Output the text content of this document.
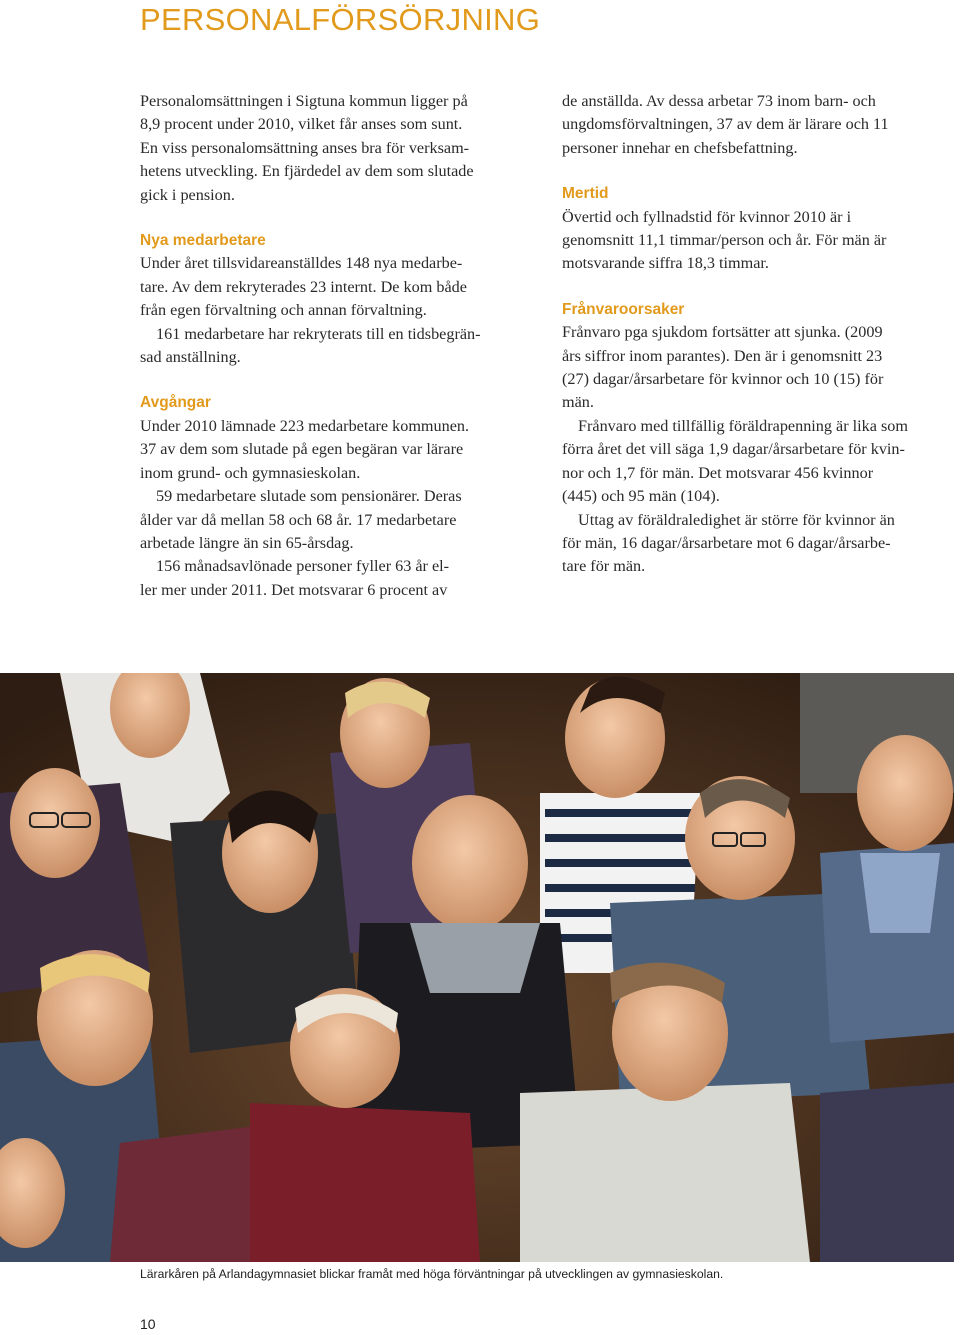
PERSONALFÖRSÖRJNING

Personalomsättningen i Sigtuna kommun ligger på
8,9 procent under 2010, vilket får anses som sunt.
En viss personalomsättning anses bra för verksam-
hetens utveckling. En fjärdedel av dem som slutade
gick i pension.

Nya medarbetare

Under året tillsvidareanställdes 148 nya medarbe-
tare. Av dem rekryterades 23 internt. De kom både
från egen förvaltning och annan förvaltning.

161 medarbetare har rekryterats till en tidsbegrän-
sad anställning.

Avgångar

Under 2010 lämnade 223 medarbetare kommunen.
37 av dem som slutade på egen begäran var lärare
inom grund- och gymnasieskolan.

59 medarbetare slutade som pensionärer. Deras
ålder var då mellan 58 och 68 år. 17 medarbetare
arbetade längre än sin 65-årsdag.

156 månadsavlönade personer fyller 63 år el-
ler mer under 2011. Det motsvarar 6 procent av

de anställda. Av dessa arbetar 73 inom barn- och
ungdomsförvaltningen, 37 av dem är lärare och 11
personer innehar en chefsbefattning.

Mertid

Övertid och fyllnadstid för kvinnor 2010 är i
genomsnitt 11,1 timmar/person och år. För män är
motsvarande siffra 18,3 timmar.

Frånvaroorsaker

Frånvaro pga sjukdom fortsätter att sjunka. (2009
års siffror inom parantes). Den är i genomsnitt 23
(27) dagar/årsarbetare för kvinnor och 10 (15) för
män.

Frånvaro med tillfällig föräldrapenning är lika som
förra året det vill säga 1,9 dagar/årsarbetare för kvin-
nor och 1,7 för män. Det motsvarar 456 kvinnor
(445) och 95 män (104).

Uttag av föräldraledighet är större för kvinnor än
för män, 16 dagar/årsarbetare mot 6 dagar/årsarbe-
tare för män.

Lärarkåren på Arlandagymnasiet blickar framåt med höga förväntningar på utvecklingen av gymnasieskolan.

10
